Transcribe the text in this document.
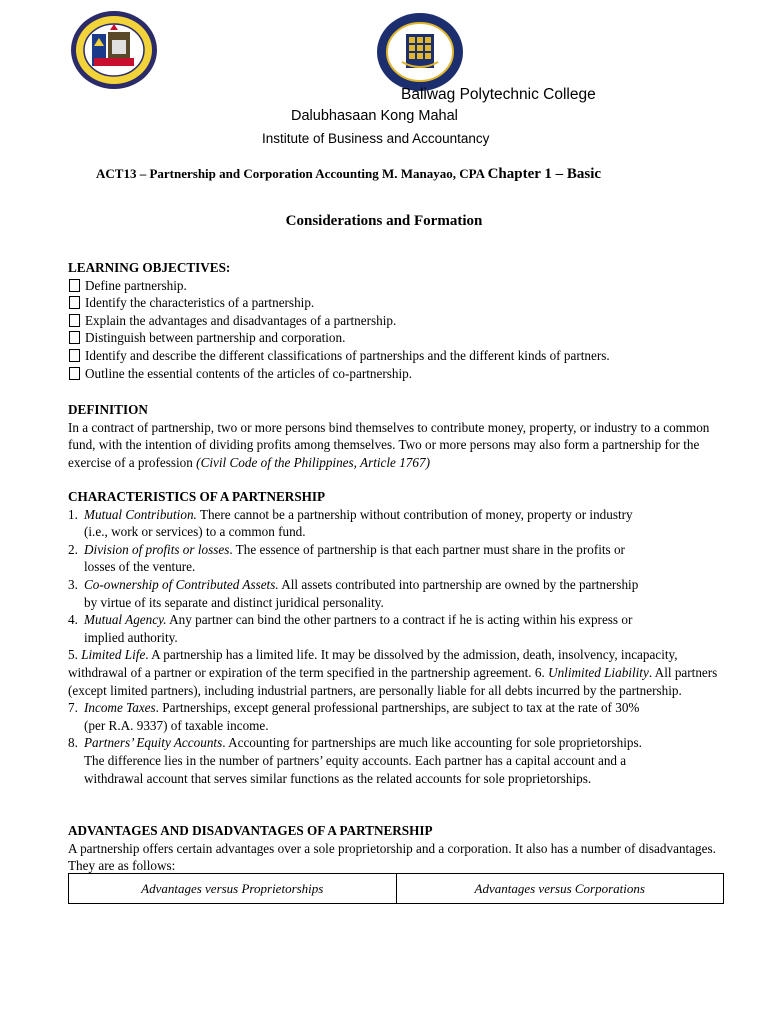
Baliwag Polytechnic College
Dalubhasaan Kong Mahal
Institute of Business and Accountancy
ACT13 – Partnership and Corporation Accounting M. Manayao, CPA Chapter 1 – Basic
Considerations and Formation
LEARNING OBJECTIVES:
Define partnership.
Identify the characteristics of a partnership.
Explain the advantages and disadvantages of a partnership.
Distinguish between partnership and corporation.
Identify and describe the different classifications of partnerships and the different kinds of partners.
Outline the essential contents of the articles of co-partnership.
DEFINITION
In a contract of partnership, two or more persons bind themselves to contribute money, property, or industry to a common fund, with the intention of dividing profits among themselves. Two or more persons may also form a partnership for the exercise of a profession (Civil Code of the Philippines, Article 1767)
CHARACTERISTICS OF A PARTNERSHIP
1. Mutual Contribution. There cannot be a partnership without contribution of money, property or industry
(i.e., work or services) to a common fund.
2. Division of profits or losses. The essence of partnership is that each partner must share in the profits or
losses of the venture.
3. Co-ownership of Contributed Assets. All assets contributed into partnership are owned by the partnership
by virtue of its separate and distinct juridical personality.
4. Mutual Agency. Any partner can bind the other partners to a contract if he is acting within his express or
implied authority.
5. Limited Life. A partnership has a limited life. It may be dissolved by the admission, death, insolvency, incapacity, withdrawal of a partner or expiration of the term specified in the partnership agreement. 6. Unlimited Liability. All partners (except limited partners), including industrial partners, are personally liable for all debts incurred by the partnership.
7. Income Taxes. Partnerships, except general professional partnerships, are subject to tax at the rate of 30%
(per R.A. 9337) of taxable income.
8. Partners’ Equity Accounts. Accounting for partnerships are much like accounting for sole proprietorships.
The difference lies in the number of partners’ equity accounts. Each partner has a capital account and a
withdrawal account that serves similar functions as the related accounts for sole proprietorships.
ADVANTAGES AND DISADVANTAGES OF A PARTNERSHIP
A partnership offers certain advantages over a sole proprietorship and a corporation. It also has a number of disadvantages. They are as follows:
Advantages versus Proprietorships	Advantages versus Corporations
